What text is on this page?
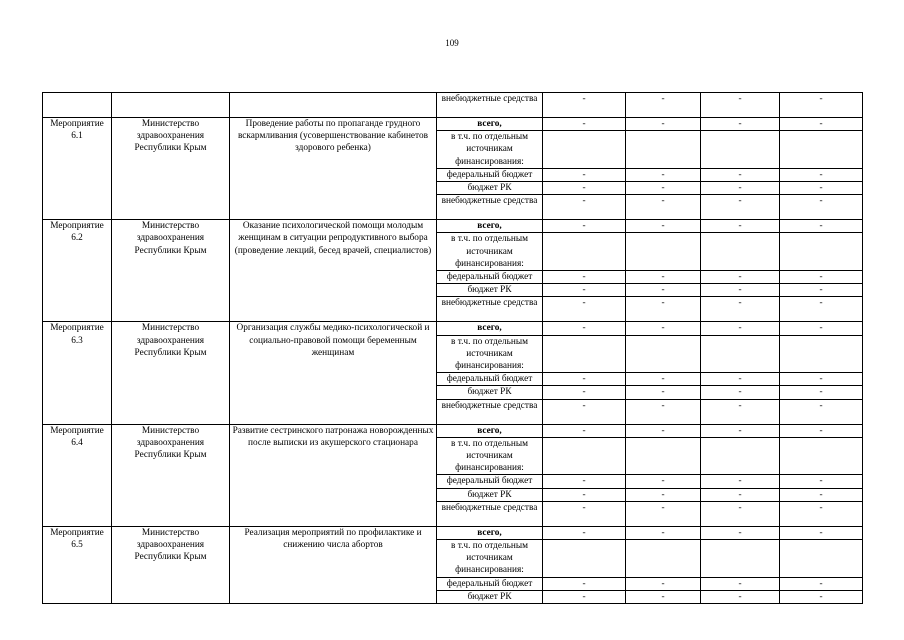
109
			внебюджетные средства	-	-	-	-
Мероприятие 6.1	Министерство здравоохранения Республики Крым	Проведение работы по пропаганде грудного вскармливания (усовершенствование кабинетов здорового ребенка)	всего,	-	-	-	-
			в т.ч. по отдельным источникам финансирования:				
			федеральный бюджет	-	-	-	-
			бюджет РК	-	-	-	-
			внебюджетные средства	-	-	-	-
Мероприятие 6.2	Министерство здравоохранения Республики Крым	Оказание психологической помощи молодым женщинам в ситуации репродуктивного выбора (проведение лекций, бесед врачей, специалистов)	всего,	-	-	-	-
			в т.ч. по отдельным источникам финансирования:				
			федеральный бюджет	-	-	-	-
			бюджет РК	-	-	-	-
			внебюджетные средства	-	-	-	-
Мероприятие 6.3	Министерство здравоохранения Республики Крым	Организация службы медико-психологической и социально-правовой помощи беременным женщинам	всего,	-	-	-	-
			в т.ч. по отдельным источникам финансирования:				
			федеральный бюджет	-	-	-	-
			бюджет РК	-	-	-	-
			внебюджетные средства	-	-	-	-
Мероприятие 6.4	Министерство здравоохранения Республики Крым	Развитие сестринского патронажа новорожденных после выписки из акушерского стационара	всего,	-	-	-	-
			в т.ч. по отдельным источникам финансирования:				
			федеральный бюджет	-	-	-	-
			бюджет РК	-	-	-	-
			внебюджетные средства	-	-	-	-
Мероприятие 6.5	Министерство здравоохранения Республики Крым	Реализация мероприятий по профилактике и снижению числа абортов	всего,	-	-	-	-
			в т.ч. по отдельным источникам финансирования:				
			федеральный бюджет	-	-	-	-
			бюджет РК	-	-	-	-
